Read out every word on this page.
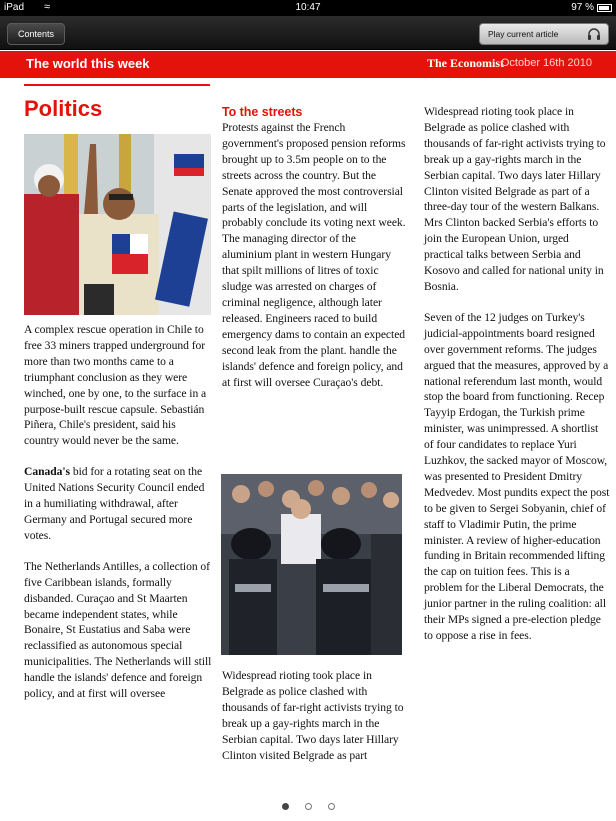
iPad ≈	10:47	97 %
Contents	Play current article
The world this week	The Economist
October 16th 2010
Politics

A complex rescue operation in Chile to free 33 miners trapped underground for more than two months came to a triumphant conclusion as they were winched, one by one, to the surface in a purpose-built rescue capsule. Sebastián Piñera, Chile's president, said his country would never be the same.

Canada's bid for a rotating seat on the United Nations Security Council ended in a humiliating withdrawal, after Germany and Portugal secured more votes.

The Netherlands Antilles, a collection of five Caribbean islands, formally disbanded. Curaçao and St Maarten became independent states, while Bonaire, St Eustatius and Saba were reclassified as autonomous special municipalities. The Netherlands will still handle the islands' defence and foreign policy, and at first will oversee

To the streets

Protests against the French government's proposed pension reforms brought up to 3.5m people on to the streets across the country. But the Senate approved the most controversial parts of the legislation, and will probably conclude its voting next week. The managing director of the aluminium plant in western Hungary that spilt millions of litres of toxic sludge was arrested on charges of criminal negligence, although later released. Engineers raced to build emergency dams to contain an expected second leak from the plant. handle the islands' defence and foreign policy, and at first will oversee Curaçao's debt.

Widespread rioting took place in Belgrade as police clashed with thousands of far-right activists trying to break up a gay-rights march in the Serbian capital. Two days later Hillary Clinton visited Belgrade as part

Widespread rioting took place in Belgrade as police clashed with thousands of far-right activists trying to break up a gay-rights march in the Serbian capital. Two days later Hillary Clinton visited Belgrade as part of a three-day tour of the western Balkans. Mrs Clinton backed Serbia's efforts to join the European Union, urged practical talks between Serbia and Kosovo and called for national unity in Bosnia.

Seven of the 12 judges on Turkey's judicial-appointments board resigned over government reforms. The judges argued that the measures, approved by a national referendum last month, would stop the board from functioning. Recep Tayyip Erdogan, the Turkish prime minister, was unimpressed. A shortlist of four candidates to replace Yuri Luzhkov, the sacked mayor of Moscow, was presented to President Dmitry Medvedev. Most pundits expect the post to be given to Sergei Sobyanin, chief of staff to Vladimir Putin, the prime minister. A review of higher-education funding in Britain recommended lifting the cap on tuition fees. This is a problem for the Liberal Democrats, the junior partner in the ruling coalition: all their MPs signed a pre-election pledge to oppose a rise in fees.
